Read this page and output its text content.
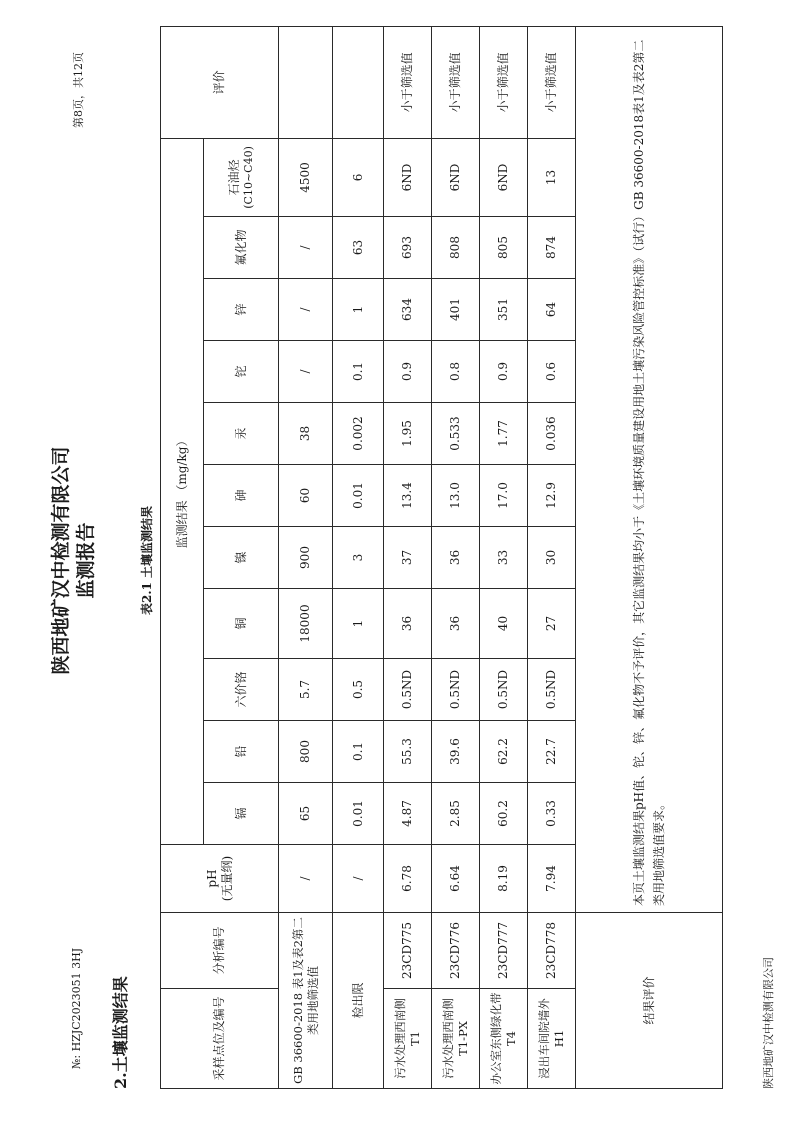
陕西地矿汉中检测有限公司 监测报告
№: HZJC2023051 3HJ
第8页，共12页
2.土壤监测结果
表2.1 土壤监测结果
采样点位及编号	分析编号	pH (无量纲)	监测结果 （mg/kg）											评价
			镉	铅	六价铬	铜	镍	砷	汞	铊	锌	氟化物	石油烃 (C10~C40)	

GB 36600-2018 表1及表2第二类用地筛选值		/	65	800	5.7	18000	900	60	38	/	/	/	4500	
检出限		/	0.01	0.1	0.5	1	3	0.01	0.002	0.1	1	63	6	
污水处理西南侧 T1	23CD775	6.78	4.87	55.3	0.5ND	36	37	13.4	1.95	0.9	634	693	6ND	小于筛选值
污水处理西南侧 T1-PX	23CD776	6.64	2.85	39.6	0.5ND	36	36	13.0	0.533	0.8	401	808	6ND	小于筛选值
办公室东侧绿化带 T4	23CD777	8.19	60.2	62.2	0.5ND	40	33	17.0	1.77	0.9	351	805	6ND	小于筛选值
浸出车间院墙外 H1	23CD778	7.94	0.33	22.7	0.5ND	27	30	12.9	0.036	0.6	64	874	13	小于筛选值
结果评价		本页土壤监测结果pH值、铊、锌、氟化物不予评价，其它监测结果均小于《土壤环境质量建设用地土壤污染风险管控标准》（试行）GB 36600-2018表1及表2第二类用地筛选值要求。												
陕西地矿汉中检测有限公司
